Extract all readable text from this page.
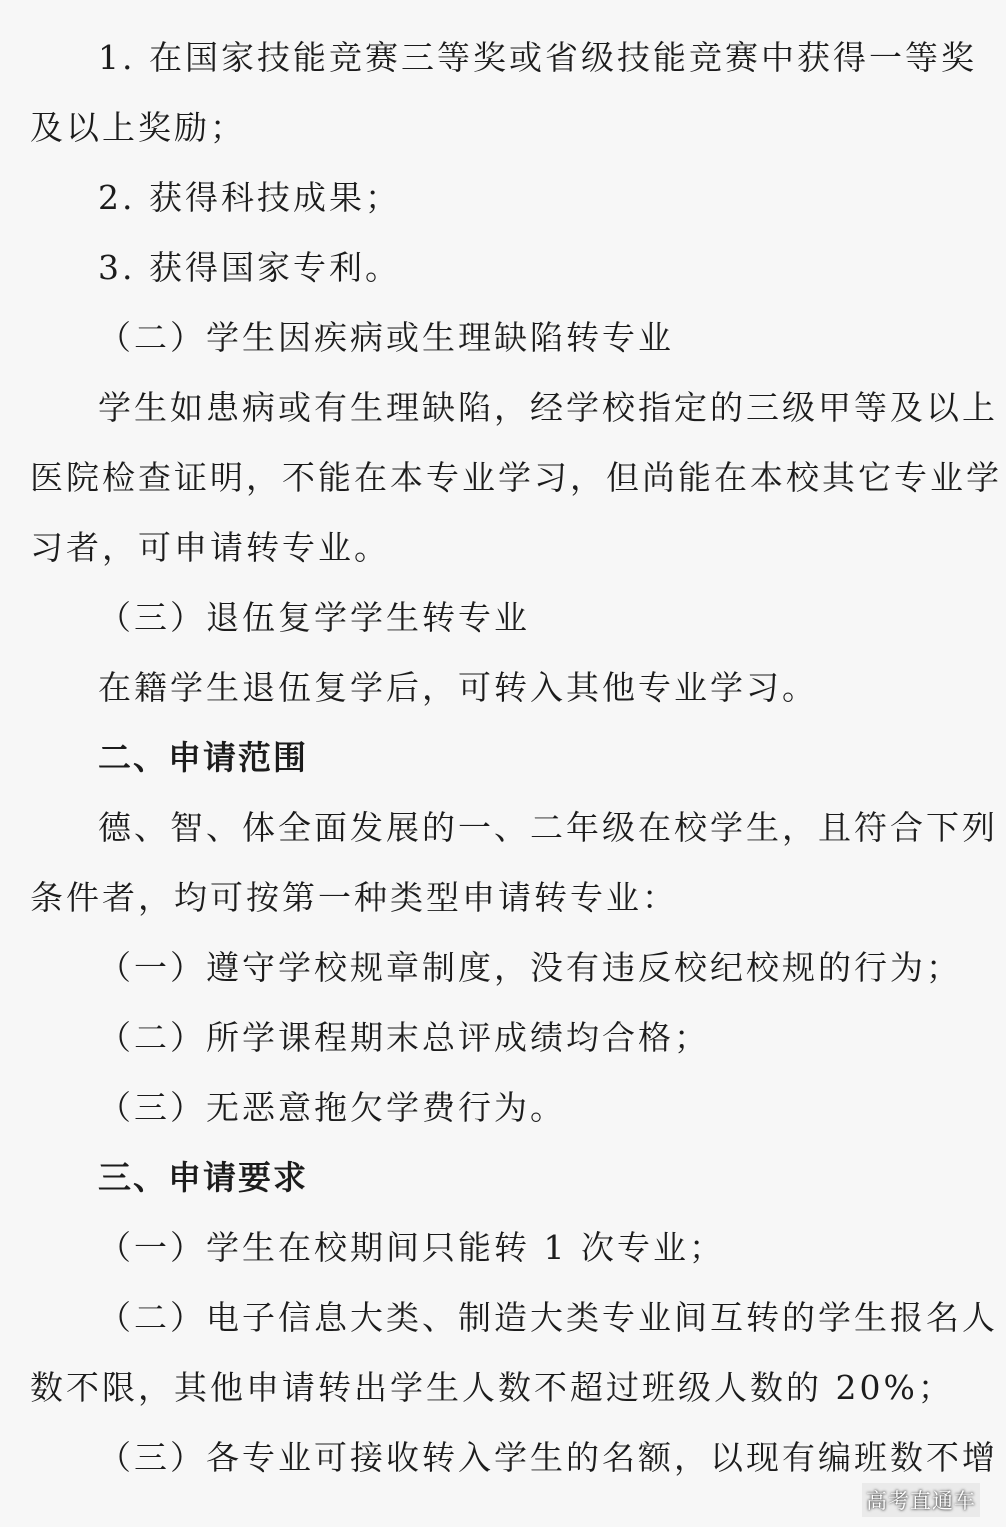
1. 在国家技能竞赛三等奖或省级技能竞赛中获得一等奖
及以上奖励；
2. 获得科技成果；
3. 获得国家专利。
（二）学生因疾病或生理缺陷转专业
学生如患病或有生理缺陷，经学校指定的三级甲等及以上
医院检查证明，不能在本专业学习，但尚能在本校其它专业学
习者，可申请转专业。
（三）退伍复学学生转专业
在籍学生退伍复学后，可转入其他专业学习。
二、申请范围
德、智、体全面发展的一、二年级在校学生，且符合下列
条件者，均可按第一种类型申请转专业：
（一）遵守学校规章制度，没有违反校纪校规的行为；
（二）所学课程期末总评成绩均合格；
（三）无恶意拖欠学费行为。
三、申请要求
（一）学生在校期间只能转 1 次专业；
（二）电子信息大类、制造大类专业间互转的学生报名人
数不限，其他申请转出学生人数不超过班级人数的 20%；
（三）各专业可接收转入学生的名额，以现有编班数不增
高考直通车
